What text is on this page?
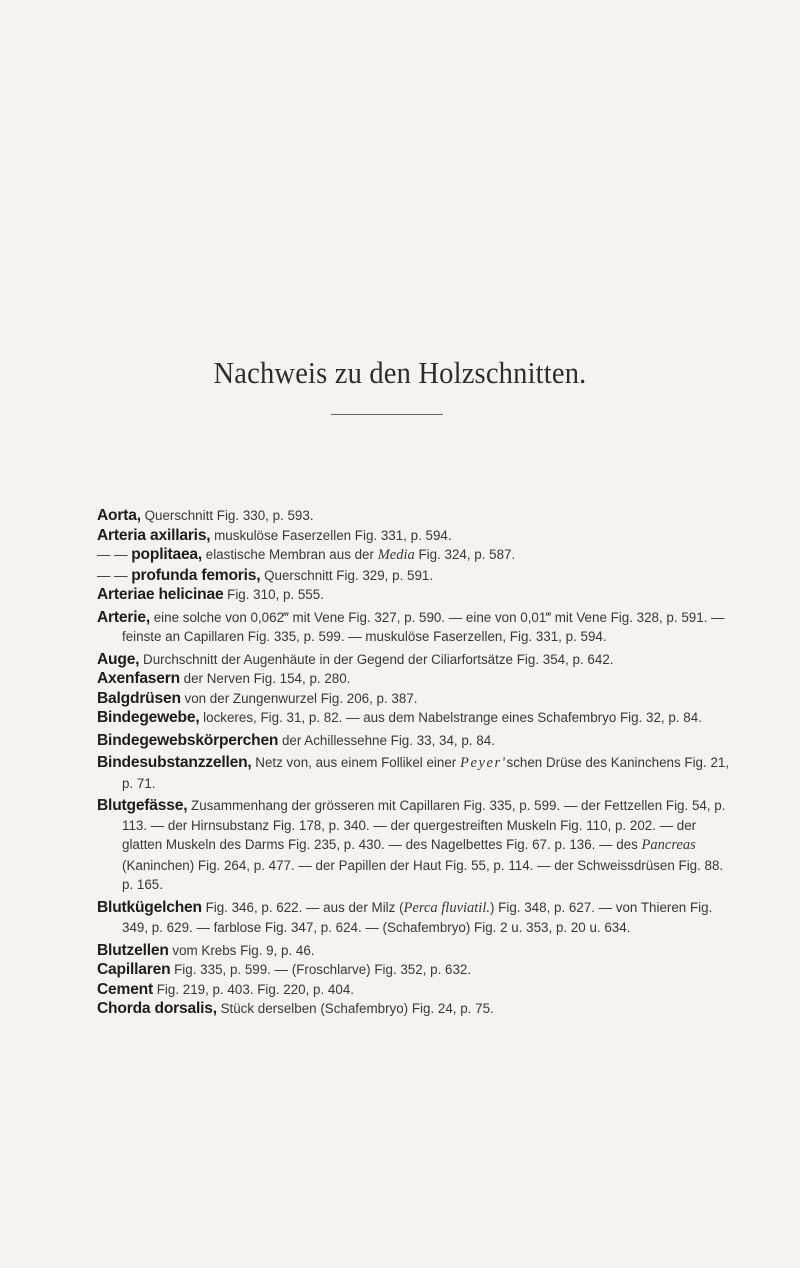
Nachweis zu den Holzschnitten.
Aorta, Querschnitt Fig. 330, p. 593.
Arteria axillaris, muskulöse Faserzellen Fig. 331, p. 594.
— — poplitaea, elastische Membran aus der Media Fig. 324, p. 587.
— — profunda femoris, Querschnitt Fig. 329, p. 591.
Arteriae helicinae Fig. 310, p. 555.
Arterie, eine solche von 0,062‴ mit Vene Fig. 327, p. 590. — eine von 0,01‴ mit Vene Fig. 328, p. 591. — feinste an Capillaren Fig. 335, p. 599. — muskulöse Faserzellen, Fig. 331, p. 594.
Auge, Durchschnitt der Augenhäute in der Gegend der Ciliarfortsätze Fig. 354, p. 642.
Axenfasern der Nerven Fig. 154, p. 280.
Balgdrüsen von der Zungenwurzel Fig. 206, p. 387.
Bindegewebe, lockeres, Fig. 31, p. 82. — aus dem Nabelstrange eines Schafembryo Fig. 32, p. 84.
Bindegewebskörperchen der Achillessehne Fig. 33, 34, p. 84.
Bindesubstanzzellen, Netz von, aus einem Follikel einer Peyer'schen Drüse des Kaninchens Fig. 21, p. 71.
Blutgefässe, Zusammenhang der grösseren mit Capillaren Fig. 335, p. 599. — der Fettzellen Fig. 54, p. 113. — der Hirnsubstanz Fig. 178, p. 340. — der quergestreiften Muskeln Fig. 110, p. 202. — der glatten Muskeln des Darms Fig. 235, p. 430. — des Nagelbettes Fig. 67. p. 136. — des Pancreas (Kaninchen) Fig. 264, p. 477. — der Papillen der Haut Fig. 55, p. 114. — der Schweissdrüsen Fig. 88. p. 165.
Blutkügelchen Fig. 346, p. 622. — aus der Milz (Perca fluviatil.) Fig. 348, p. 627. — von Thieren Fig. 349, p. 629. — farblose Fig. 347, p. 624. — (Schafembryo) Fig. 2 u. 353, p. 20 u. 634.
Blutzellen vom Krebs Fig. 9, p. 46.
Capillaren Fig. 335, p. 599. — (Froschlarve) Fig. 352, p. 632.
Cement Fig. 219, p. 403. Fig. 220, p. 404.
Chorda dorsalis, Stück derselben (Schafembryo) Fig. 24, p. 75.
